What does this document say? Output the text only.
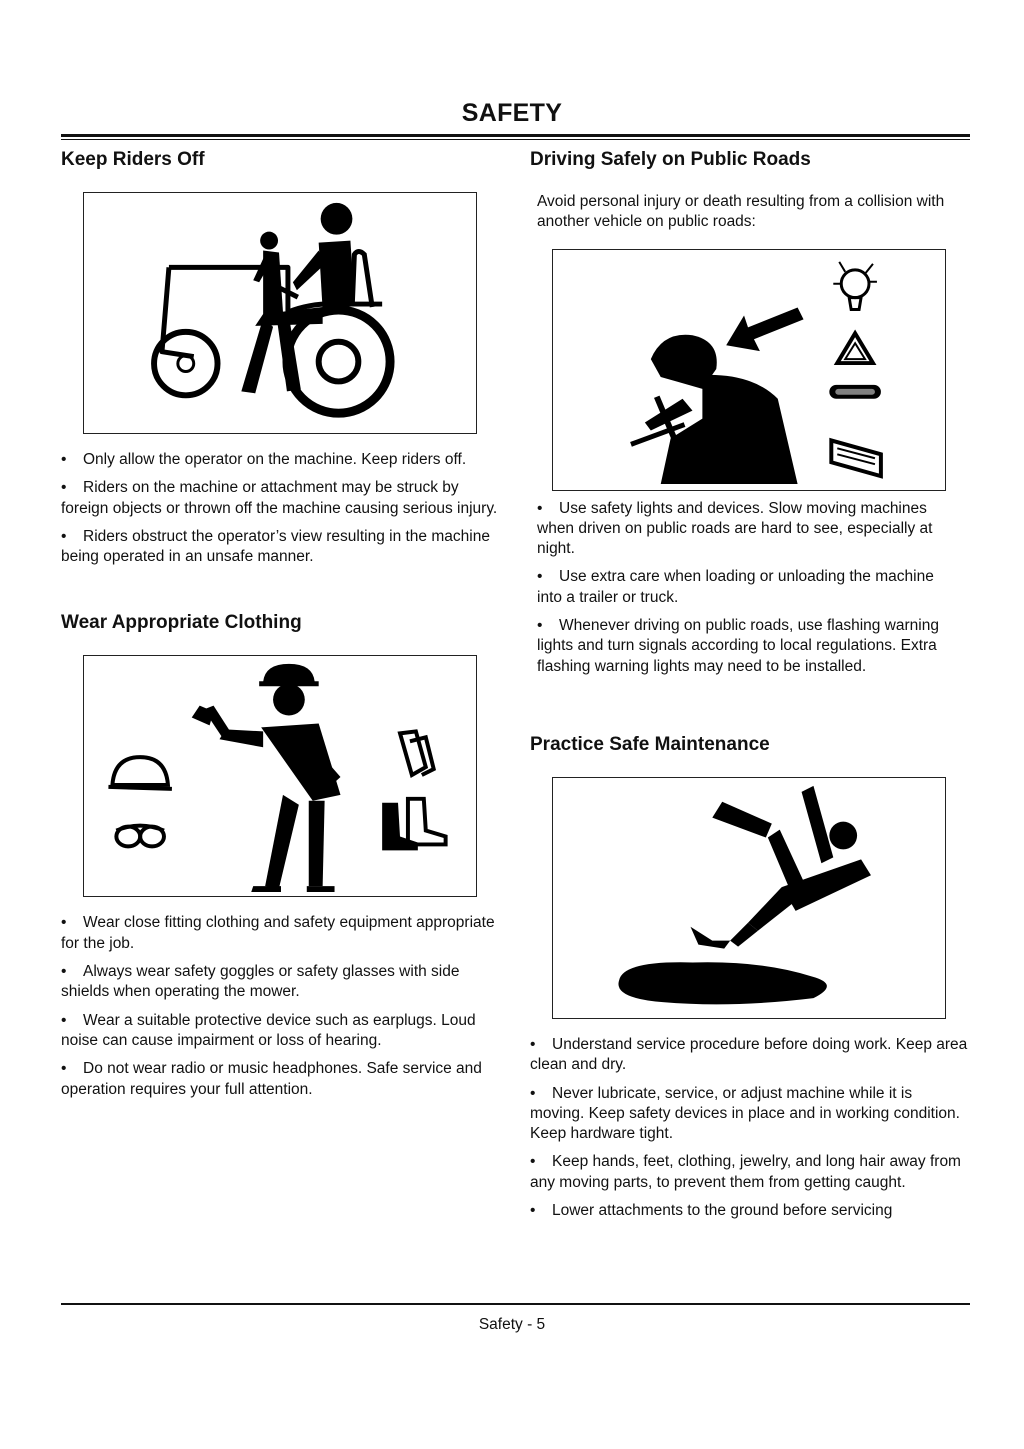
SAFETY
Keep Riders Off
• Only allow the operator on the machine. Keep riders off.
• Riders on the machine or attachment may be struck by foreign objects or thrown off the machine causing serious injury.
• Riders obstruct the operator’s view resulting in the machine being operated in an unsafe manner.
Wear Appropriate Clothing
• Wear close fitting clothing and safety equipment appropriate for the job.
• Always wear safety goggles or safety glasses with side shields when operating the mower.
• Wear a suitable protective device such as earplugs. Loud noise can cause impairment or loss of hearing.
• Do not wear radio or music headphones. Safe service and operation requires your full attention.
Driving Safely on Public Roads

Avoid personal injury or death resulting from a collision with another vehicle on public roads:

• Use safety lights and devices. Slow moving machines when driven on public roads are hard to see, especially at night.
• Use extra care when loading or unloading the machine into a trailer or truck.
• Whenever driving on public roads, use flashing warning lights and turn signals according to local regulations. Extra flashing warning lights may need to be installed.
Practice Safe Maintenance
• Understand service procedure before doing work. Keep area clean and dry.
• Never lubricate, service, or adjust machine while it is moving. Keep safety devices in place and in working condition. Keep hardware tight.
• Keep hands, feet, clothing, jewelry, and long hair away from any moving parts, to prevent them from getting caught.
• Lower attachments to the ground before servicing
Safety - 5
